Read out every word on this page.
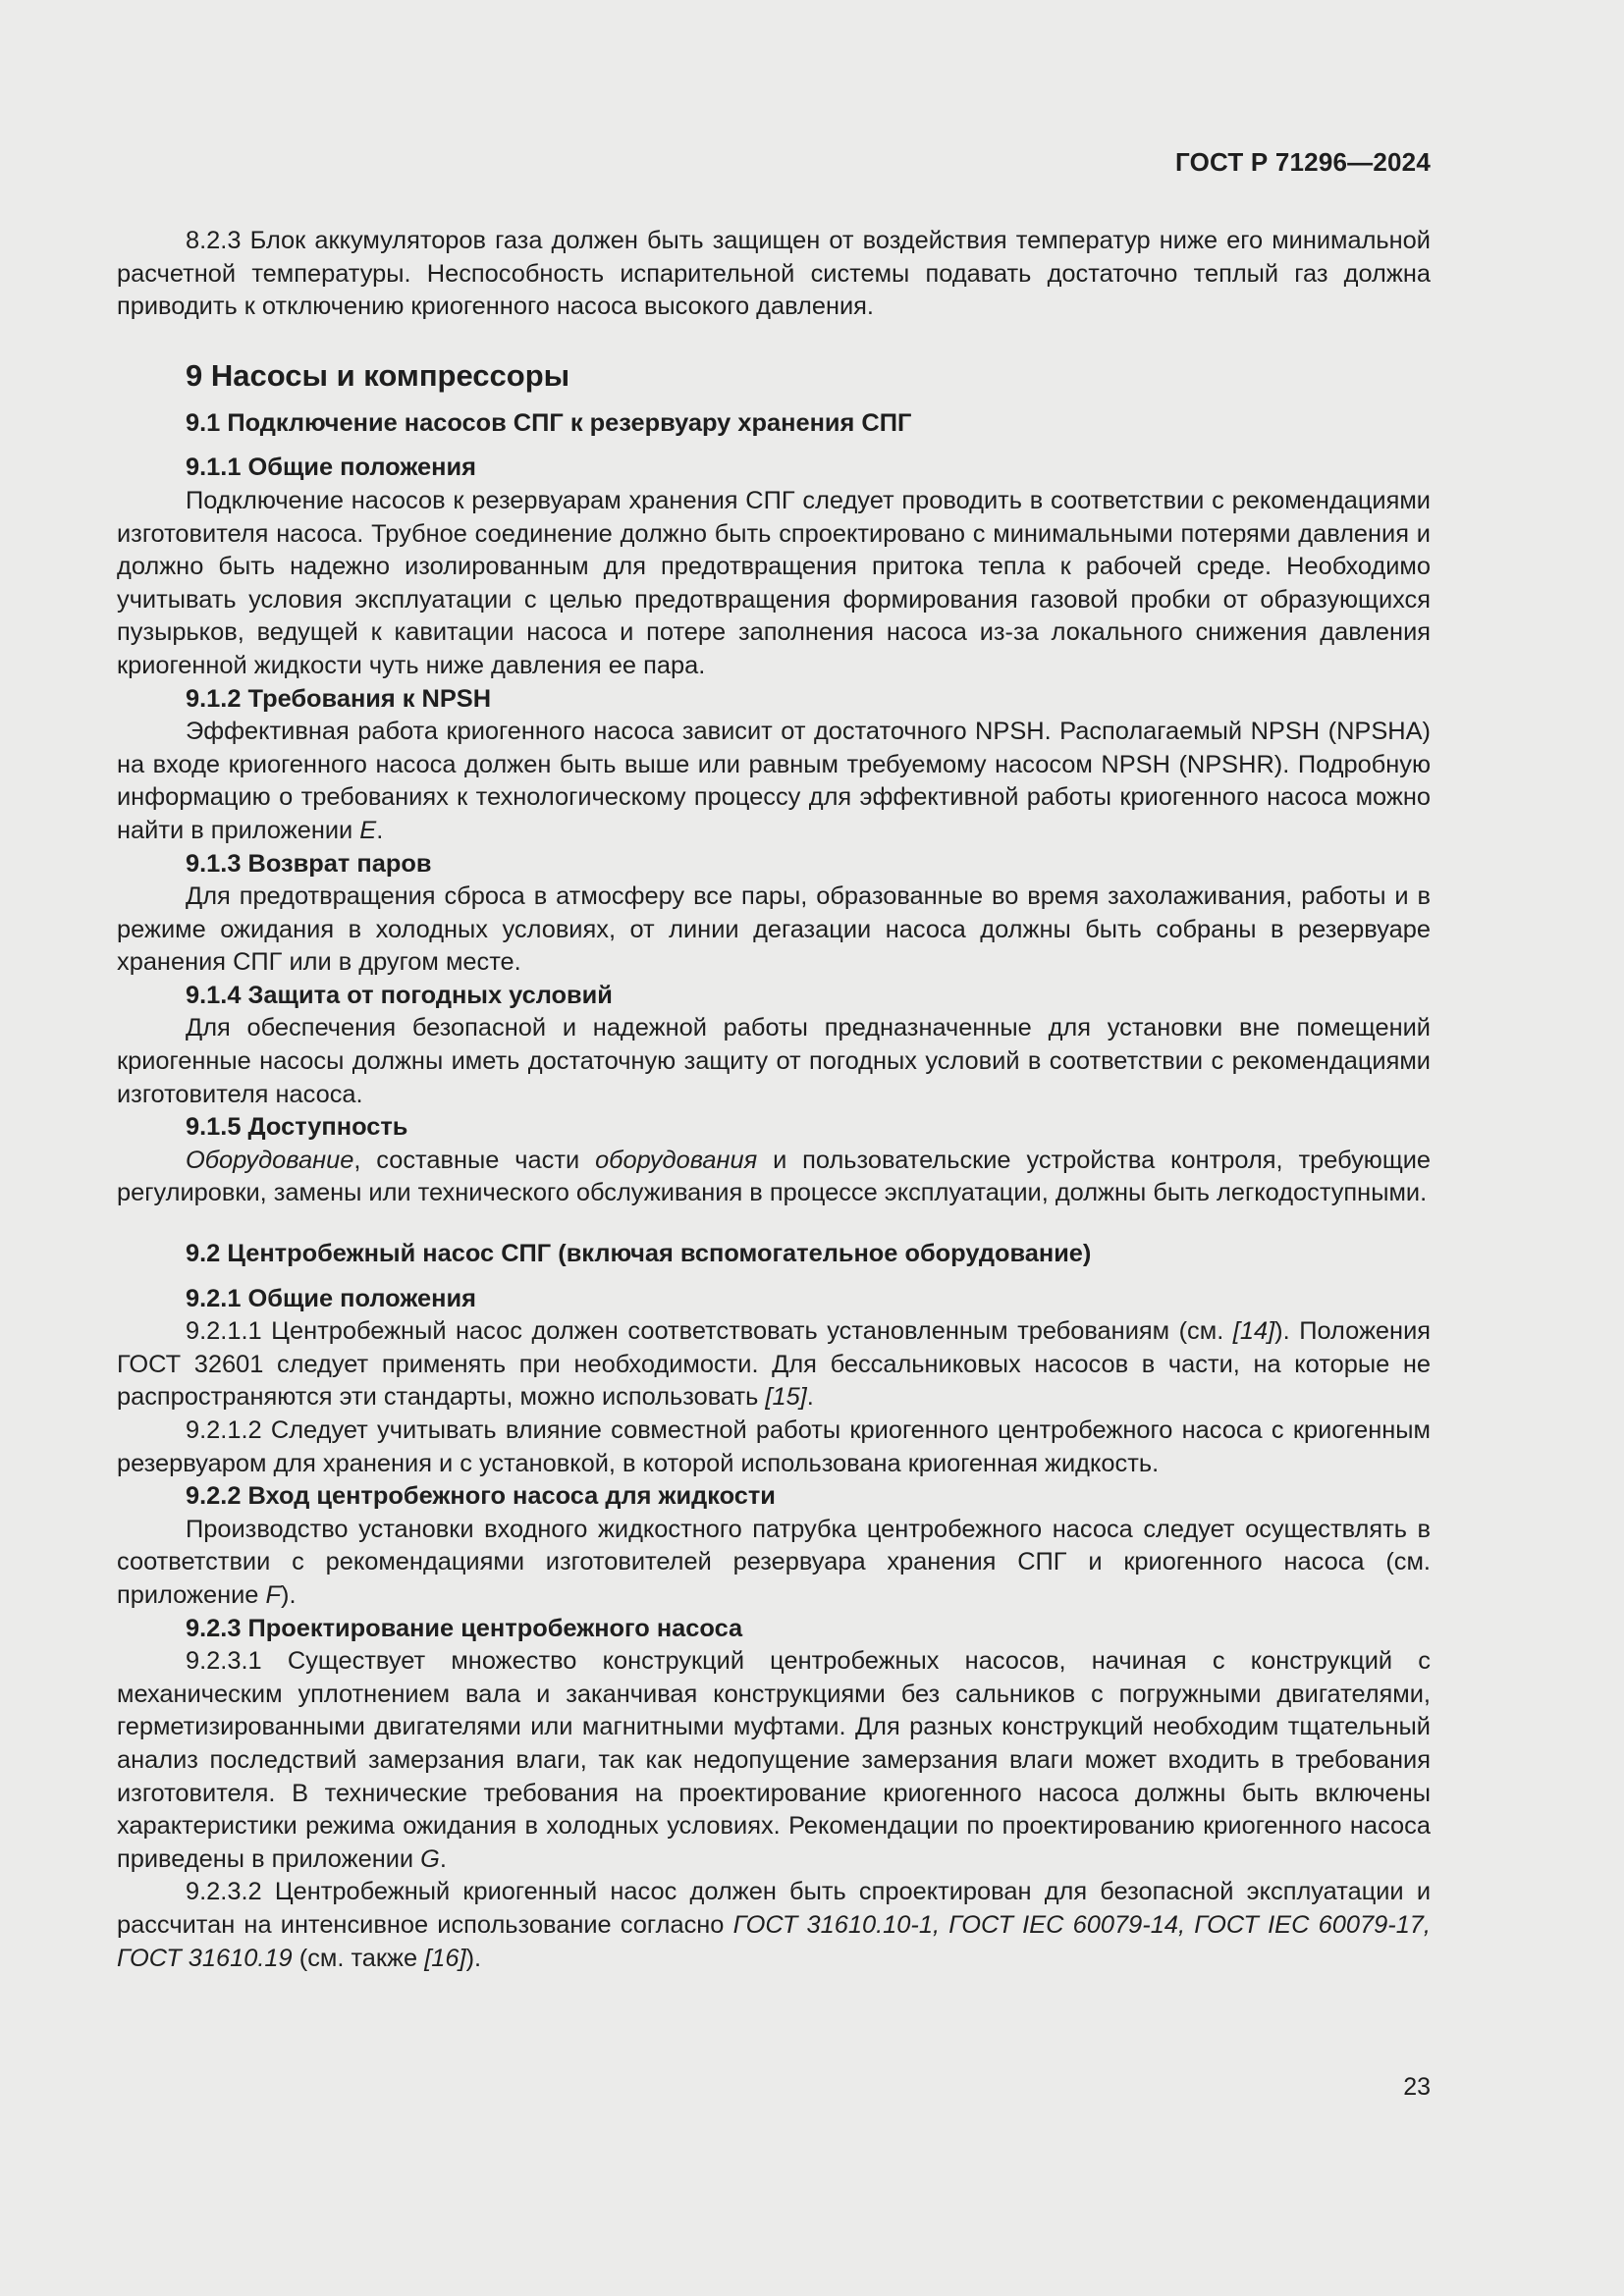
ГОСТ Р 71296—2024

8.2.3 Блок аккумуляторов газа должен быть защищен от воздействия температур ниже его минимальной расчетной температуры. Неспособность испарительной системы подавать достаточно теплый газ должна приводить к отключению криогенного насоса высокого давления.

9 Насосы и компрессоры
9.1 Подключение насосов СПГ к резервуару хранения СПГ
9.1.1 Общие положения

Подключение насосов к резервуарам хранения СПГ следует проводить в соответствии с рекомендациями изготовителя насоса. Трубное соединение должно быть спроектировано с минимальными потерями давления и должно быть надежно изолированным для предотвращения притока тепла к рабочей среде. Необходимо учитывать условия эксплуатации с целью предотвращения формирования газовой пробки от образующихся пузырьков, ведущей к кавитации насоса и потере заполнения насоса из-за локального снижения давления криогенной жидкости чуть ниже давления ее пара.

9.1.2 Требования к NPSH

Эффективная работа криогенного насоса зависит от достаточного NPSH. Располагаемый NPSH (NPSHA) на входе криогенного насоса должен быть выше или равным требуемому насосом NPSH (NPSHR). Подробную информацию о требованиях к технологическому процессу для эффективной работы криогенного насоса можно найти в приложении E.

9.1.3 Возврат паров

Для предотвращения сброса в атмосферу все пары, образованные во время захолаживания, работы и в режиме ожидания в холодных условиях, от линии дегазации насоса должны быть собраны в резервуаре хранения СПГ или в другом месте.

9.1.4 Защита от погодных условий

Для обеспечения безопасной и надежной работы предназначенные для установки вне помещений криогенные насосы должны иметь достаточную защиту от погодных условий в соответствии с рекомендациями изготовителя насоса.

9.1.5 Доступность

Оборудование, составные части оборудования и пользовательские устройства контроля, требующие регулировки, замены или технического обслуживания в процессе эксплуатации, должны быть легкодоступными.

9.2 Центробежный насос СПГ (включая вспомогательное оборудование)
9.2.1 Общие положения

9.2.1.1 Центробежный насос должен соответствовать установленным требованиям (см. [14]). Положения ГОСТ 32601 следует применять при необходимости. Для бессальниковых насосов в части, на которые не распространяются эти стандарты, можно использовать [15].

9.2.1.2 Следует учитывать влияние совместной работы криогенного центробежного насоса с криогенным резервуаром для хранения и с установкой, в которой использована криогенная жидкость.

9.2.2 Вход центробежного насоса для жидкости

Производство установки входного жидкостного патрубка центробежного насоса следует осуществлять в соответствии с рекомендациями изготовителей резервуара хранения СПГ и криогенного насоса (см. приложение F).

9.2.3 Проектирование центробежного насоса

9.2.3.1 Существует множество конструкций центробежных насосов, начиная с конструкций с механическим уплотнением вала и заканчивая конструкциями без сальников с погружными двигателями, герметизированными двигателями или магнитными муфтами. Для разных конструкций необходим тщательный анализ последствий замерзания влаги, так как недопущение замерзания влаги может входить в требования изготовителя. В технические требования на проектирование криогенного насоса должны быть включены характеристики режима ожидания в холодных условиях. Рекомендации по проектированию криогенного насоса приведены в приложении G.

9.2.3.2 Центробежный криогенный насос должен быть спроектирован для безопасной эксплуатации и рассчитан на интенсивное использование согласно ГОСТ 31610.10-1, ГОСТ IEC 60079-14, ГОСТ IEC 60079-17, ГОСТ 31610.19 (см. также [16]).

23
